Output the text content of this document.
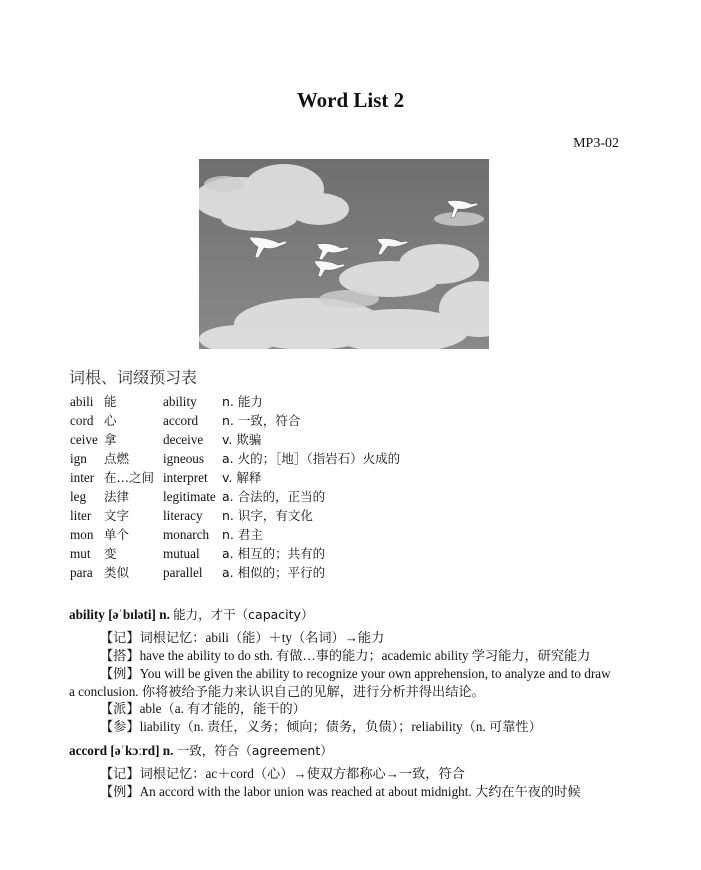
Word List 2
MP3-02
词根、词缀预习表
abili	能	ability	n. 能力
cord	心	accord	n. 一致，符合
ceive	拿	deceive	v. 欺骗
ign	点燃	igneous	a. 火的；［地］（指岩石）火成的
inter	在…之间	interpret	v. 解释
leg	法律	legitimate	a. 合法的，正当的
liter	文字	literacy	n. 识字，有文化
mon	单个	monarch	n. 君主
mut	变	mutual	a. 相互的；共有的
para	类似	parallel	a. 相似的；平行的

ability [əˈbɪləti] n. 能力，才干（capacity）

【记】词根记忆：abili（能）＋ty（名词）→能力

【搭】have the ability to do sth. 有做…事的能力；academic ability 学习能力，研究能力

【例】You will be given the ability to recognize your own apprehension, to analyze and to draw a conclusion. 你将被给予能力来认识自己的见解，进行分析并得出结论。

【派】able（a. 有才能的，能干的）

【参】liability（n. 责任，义务；倾向；债务，负债）；reliability（n. 可靠性）

accord [əˈkɔːrd] n. 一致，符合（agreement）

【记】词根记忆：ac＋cord（心）→使双方都称心→一致，符合

【例】An accord with the labor union was reached at about midnight. 大约在午夜的时候
